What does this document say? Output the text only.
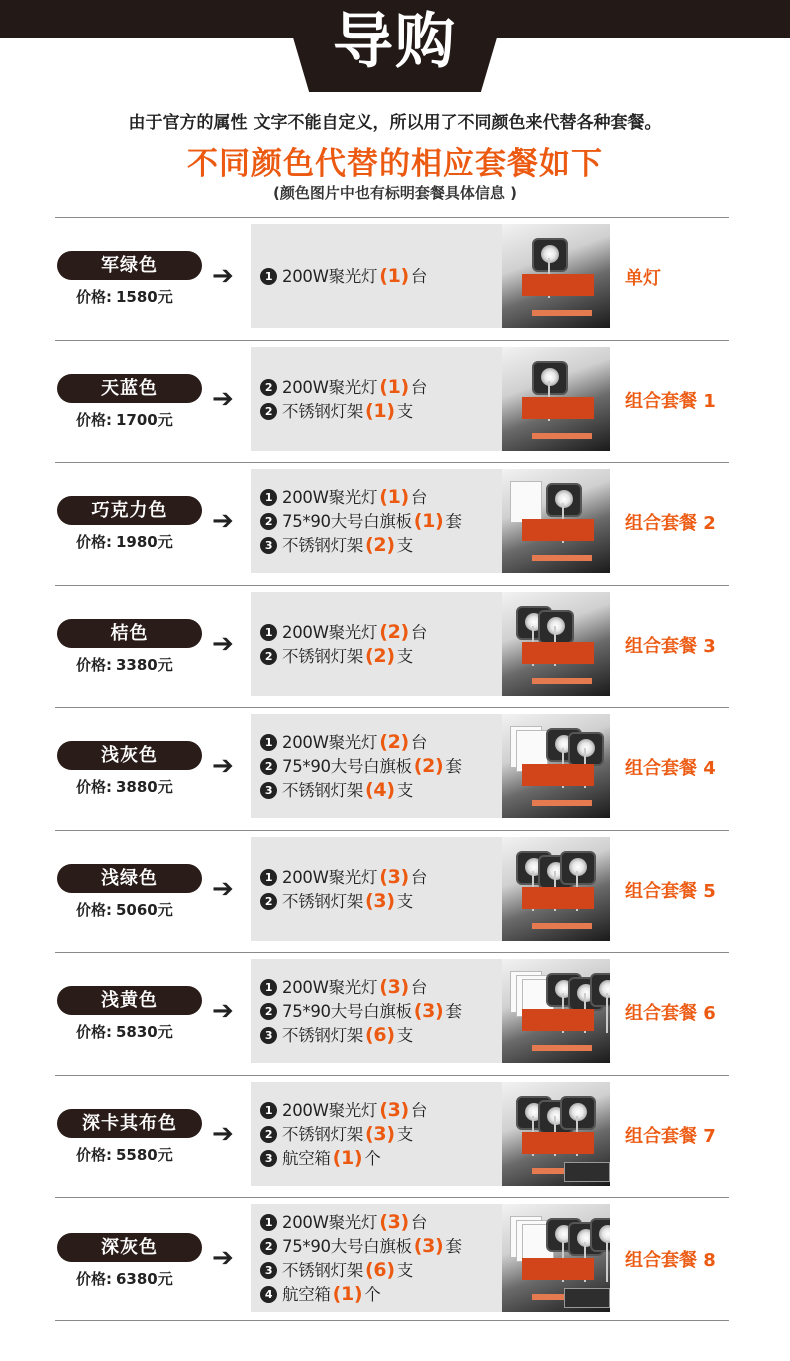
导购
由于官方的属性 文字不能自定义，所以用了不同颜色来代替各种套餐。
不同颜色代替的相应套餐如下
(颜色图片中也有标明套餐具体信息 )
军绿色
价格: 1580元
➔	1 200W聚光灯 (1) 台	单灯
天蓝色
价格: 1700元
➔	2 200W聚光灯 (1) 台
2 不锈钢灯架 (1) 支	组合套餐 1
巧克力色
价格: 1980元
➔
1 200W聚光灯 (1) 台
2 75*90大号白旗板 (1) 套
3 不锈钢灯架 (2) 支
组合套餐 2
桔色
价格: 3380元
➔	1 200W聚光灯 (2) 台
2 不锈钢灯架 (2) 支	组合套餐 3
浅灰色
价格: 3880元
➔
1 200W聚光灯 (2) 台
2 75*90大号白旗板 (2) 套
3 不锈钢灯架 (4) 支
组合套餐 4
浅绿色
价格: 5060元
➔	1 200W聚光灯 (3) 台
2 不锈钢灯架 (3) 支	组合套餐 5
浅黄色
价格: 5830元
➔
1 200W聚光灯 (3) 台
2 75*90大号白旗板 (3) 套
3 不锈钢灯架 (6) 支
组合套餐 6
深卡其布色
价格: 5580元
➔
1 200W聚光灯 (3) 台
2 不锈钢灯架 (3) 支
3 航空箱 (1) 个
组合套餐 7
深灰色
价格: 6380元
➔
1 200W聚光灯 (3) 台
2 75*90大号白旗板 (3) 套
3 不锈钢灯架 (6) 支
4 航空箱 (1) 个
组合套餐 8
